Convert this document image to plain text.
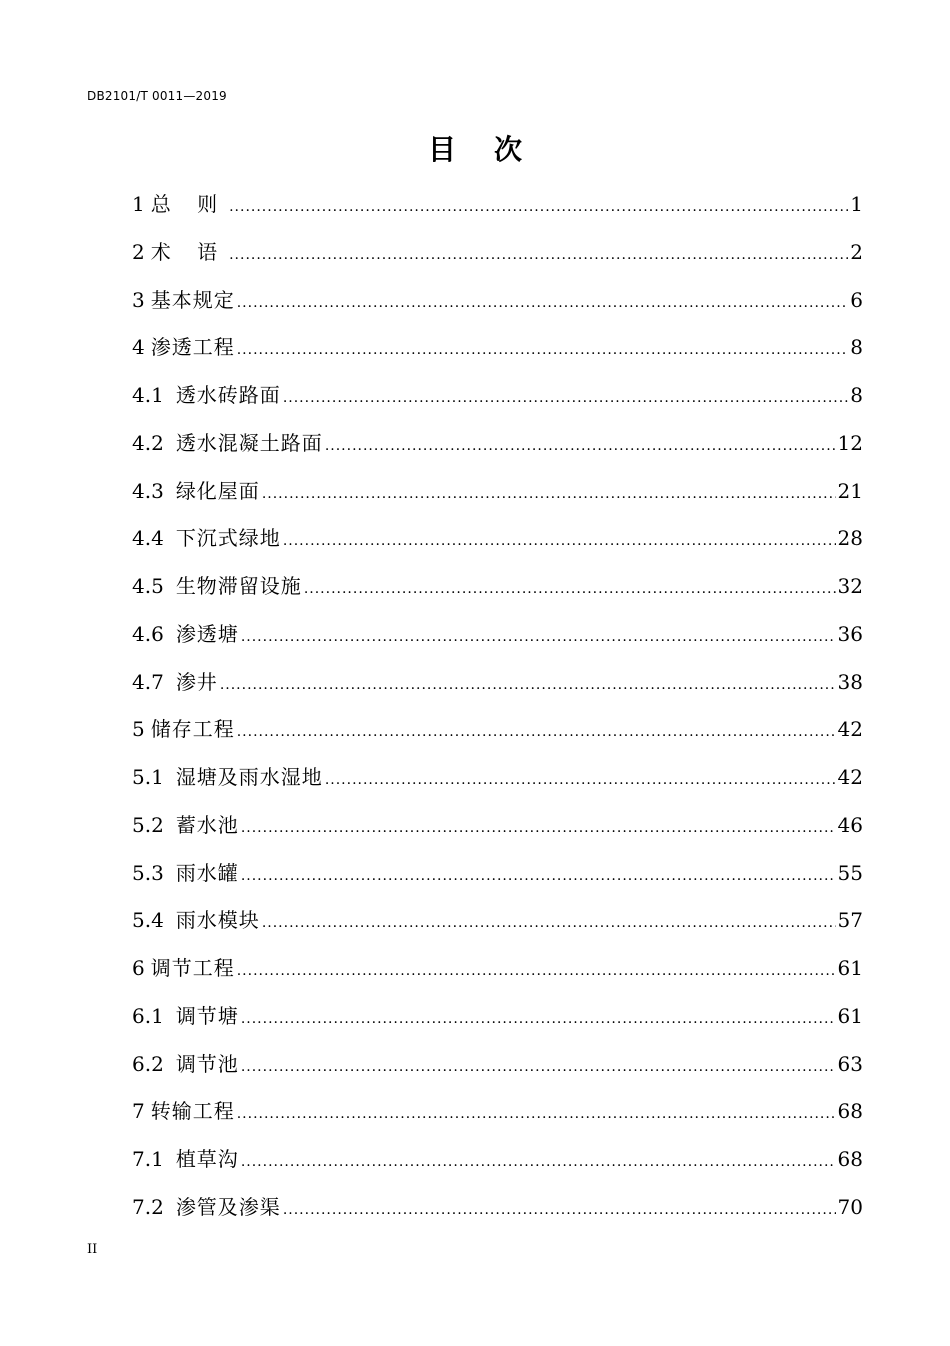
DB2101/T 0011—2019
目次
1 总 则 .....	1
2 术 语 .....	2
3 基本规定 .....	6
4 渗透工程 .....	8
4.1 透水砖路面 .....	8
4.2 透水混凝土路面 .....	12
4.3 绿化屋面 .....	21
4.4 下沉式绿地 .....	28
4.5 生物滞留设施 .....	32
4.6 渗透塘 .....	36
4.7 渗井 .....	38
5 储存工程 .....	42
5.1 湿塘及雨水湿地 .....	42
5.2 蓄水池 .....	46
5.3 雨水罐 .....	55
5.4 雨水模块 .....	57
6 调节工程 .....	61
6.1 调节塘 .....	61
6.2 调节池 .....	63
7 转输工程 .....	68
7.1 植草沟 .....	68
7.2 渗管及渗渠 .....	70
II
